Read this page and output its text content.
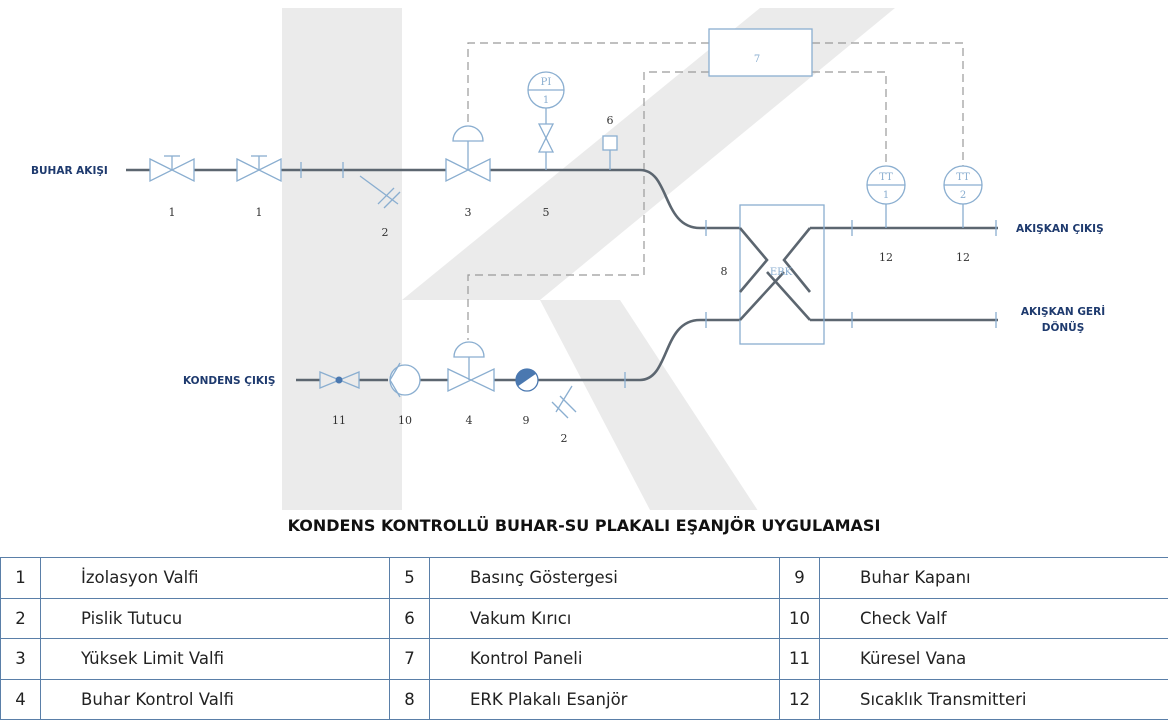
7
1	1
2
3
PI
1
5
6
ERK
8
TT
1
TT
2
12	12
11	10	4	9
2
BUHAR AKIŞI
KONDENS ÇIKIŞ
AKIŞKAN ÇIKIŞ
AKIŞKAN GERİ
DÖNÜŞ
KONDENS KONTROLLÜ BUHAR-SU PLAKALI EŞANJÖR UYGULAMASI
1	İzolasyon Valfi	5	Basınç Göstergesi	9	Buhar Kapanı
2	Pislik Tutucu	6	Vakum Kırıcı	10	Check Valf
3	Yüksek Limit Valfi	7	Kontrol Paneli	11	Küresel Vana
4	Buhar Kontrol Valfi	8	ERK Plakalı Esanjör	12	Sıcaklık Transmitteri
